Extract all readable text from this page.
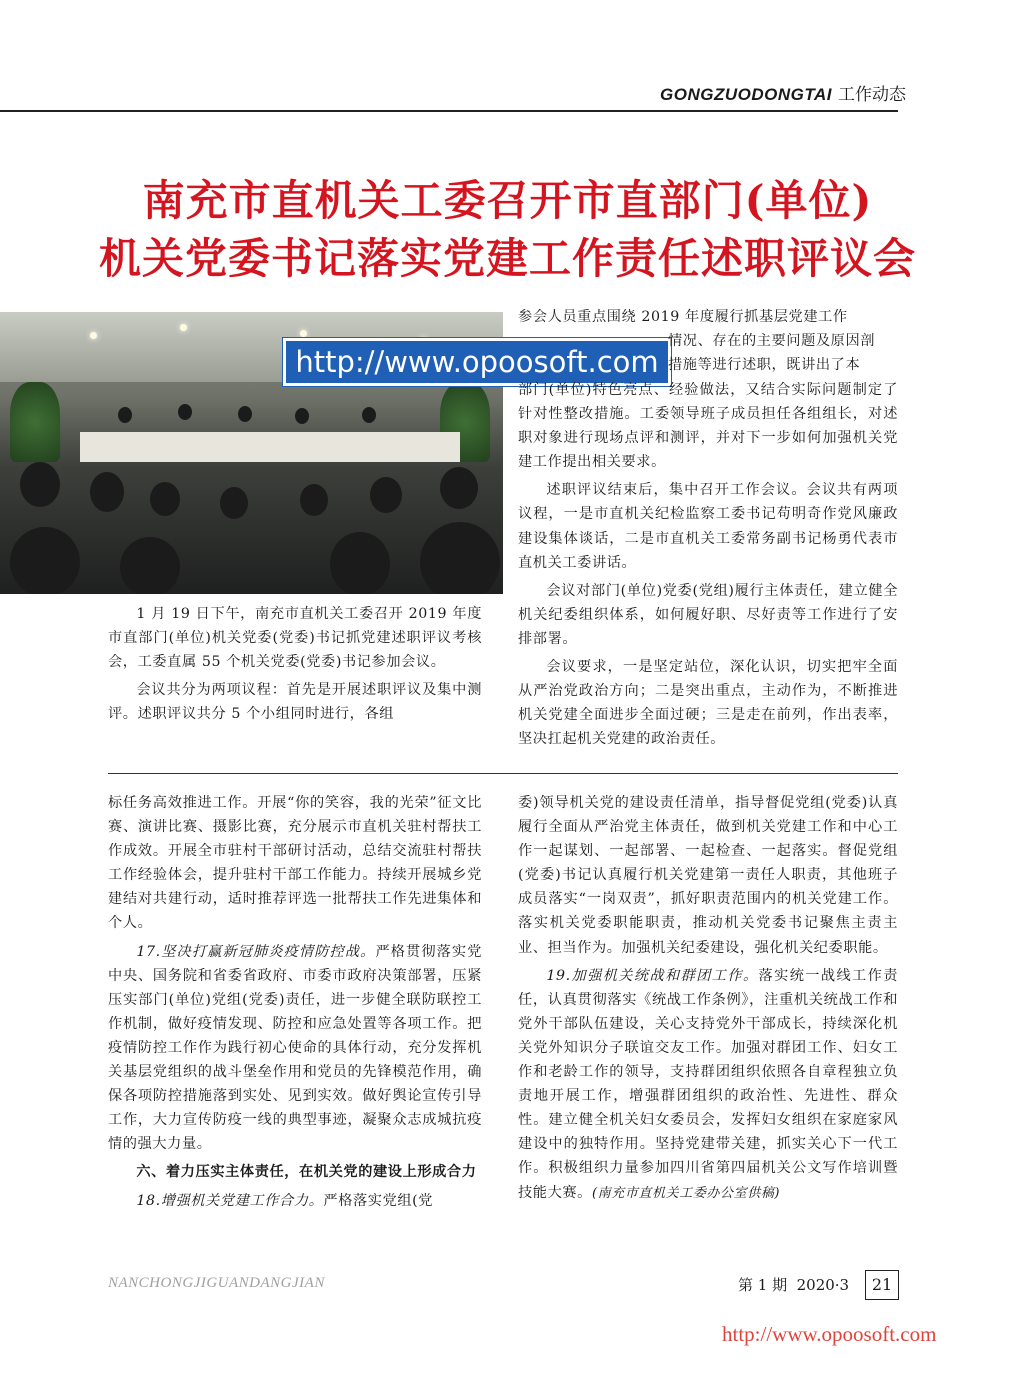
GONGZUODONGTAI 工作动态
南充市直机关工委召开市直部门(单位)
机关党委书记落实党建工作责任述职评议会
http://www.opoosoft.com

1 月 19 日下午，南充市直机关工委召开 2019 年度市直部门(单位)机关党委(党委)书记抓党建述职评议考核会，工委直属 55 个机关党委(党委)书记参加会议。

会议共分为两项议程：首先是开展述职评议及集中测评。述职评议共分 5 个小组同时进行，各组

参会人员重点围绕 2019 年度履行抓基层党建工作

情况、存在的主要问题及原因剖

措施等进行述职，既讲出了本

部门(单位)特色亮点、经验做法，又结合实际问题制定了针对性整改措施。工委领导班子成员担任各组组长，对述职对象进行现场点评和测评，并对下一步如何加强机关党建工作提出相关要求。

述职评议结束后，集中召开工作会议。会议共有两项议程，一是市直机关纪检监察工委书记苟明奇作党风廉政建设集体谈话，二是市直机关工委常务副书记杨勇代表市直机关工委讲话。

会议对部门(单位)党委(党组)履行主体责任，建立健全机关纪委组织体系，如何履好职、尽好责等工作进行了安排部署。

会议要求，一是坚定站位，深化认识，切实把牢全面从严治党政治方向；二是突出重点，主动作为，不断推进机关党建全面进步全面过硬；三是走在前列，作出表率，坚决扛起机关党建的政治责任。

标任务高效推进工作。开展“你的笑容，我的光荣”征文比赛、演讲比赛、摄影比赛，充分展示市直机关驻村帮扶工作成效。开展全市驻村干部研讨活动，总结交流驻村帮扶工作经验体会，提升驻村干部工作能力。持续开展城乡党建结对共建行动，适时推荐评选一批帮扶工作先进集体和个人。

17.坚决打赢新冠肺炎疫情防控战。严格贯彻落实党中央、国务院和省委省政府、市委市政府决策部署，压紧压实部门(单位)党组(党委)责任，进一步健全联防联控工作机制，做好疫情发现、防控和应急处置等各项工作。把疫情防控工作作为践行初心使命的具体行动，充分发挥机关基层党组织的战斗堡垒作用和党员的先锋模范作用，确保各项防控措施落到实处、见到实效。做好舆论宣传引导工作，大力宣传防疫一线的典型事迹，凝聚众志成城抗疫情的强大力量。

六、着力压实主体责任，在机关党的建设上形成合力

18.增强机关党建工作合力。严格落实党组(党

委)领导机关党的建设责任清单，指导督促党组(党委)认真履行全面从严治党主体责任，做到机关党建工作和中心工作一起谋划、一起部署、一起检查、一起落实。督促党组(党委)书记认真履行机关党建第一责任人职责，其他班子成员落实“一岗双责”，抓好职责范围内的机关党建工作。落实机关党委职能职责，推动机关党委书记聚焦主责主业、担当作为。加强机关纪委建设，强化机关纪委职能。

19.加强机关统战和群团工作。落实统一战线工作责任，认真贯彻落实《统战工作条例》，注重机关统战工作和党外干部队伍建设，关心支持党外干部成长，持续深化机关党外知识分子联谊交友工作。加强对群团工作、妇女工作和老龄工作的领导，支持群团组织依照各自章程独立负责地开展工作，增强群团组织的政治性、先进性、群众性。建立健全机关妇女委员会，发挥妇女组织在家庭家风建设中的独特作用。坚持党建带关建，抓实关心下一代工作。积极组织力量参加四川省第四届机关公文写作培训暨技能大赛。(南充市直机关工委办公室供稿)

NANCHONGJIGUANDANGJIAN	第 1 期  2020·3	21
http://www.opoosoft.com
